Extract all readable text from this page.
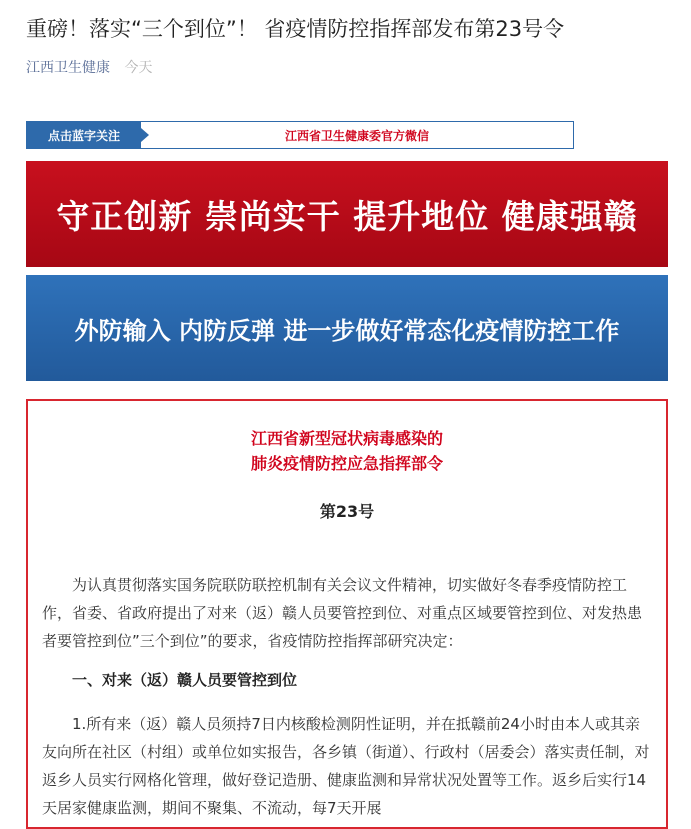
重磅！落实“三个到位”！ 省疫情防控指挥部发布第23号令
江西卫生健康 今天
点击蓝字关注	江西省卫生健康委官方微信
守正创新 崇尚实干 提升地位 健康强赣
外防输入 内防反弹 进一步做好常态化疫情防控工作
江西省新型冠状病毒感染的
肺炎疫情防控应急指挥部令
第23号
为认真贯彻落实国务院联防联控机制有关会议文件精神，切实做好冬春季疫情防控工作，省委、省政府提出了对来（返）赣人员要管控到位、对重点区域要管控到位、对发热患者要管控到位”三个到位”的要求，省疫情防控指挥部研究决定：
一、对来（返）赣人员要管控到位
1.所有来（返）赣人员须持7日内核酸检测阴性证明，并在抵赣前24小时由本人或其亲友向所在社区（村组）或单位如实报告，各乡镇（街道）、行政村（居委会）落实责任制，对返乡人员实行网格化管理，做好登记造册、健康监测和异常状况处置等工作。返乡后实行14天居家健康监测，期间不聚集、不流动，每7天开展
